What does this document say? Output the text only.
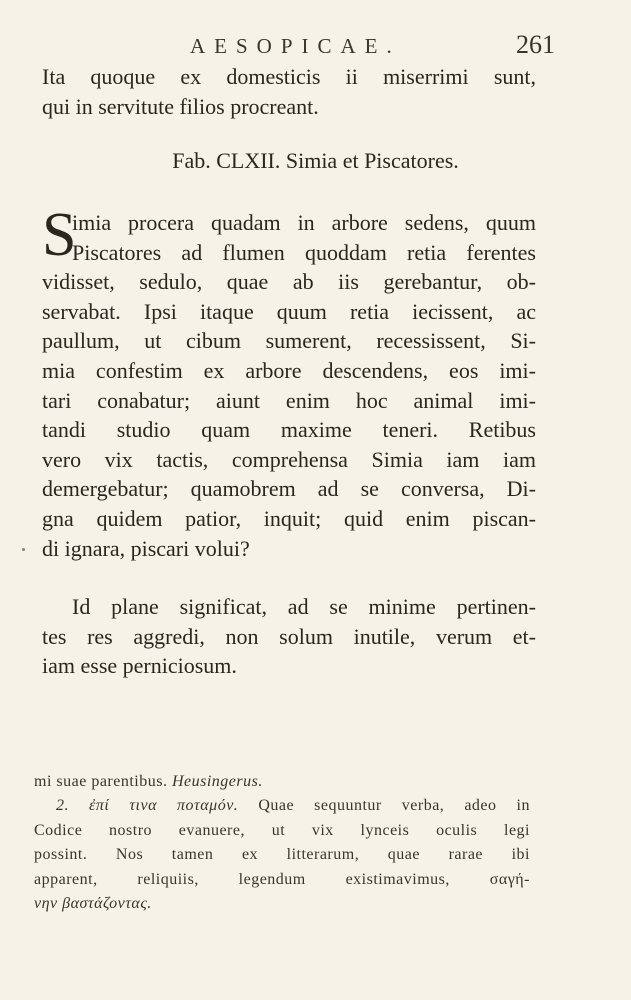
AESOPICAE.	261
Ita quoque ex domesticis ii miserrimi sunt,
qui in servitute filios procreant.
Fab. CLXII. Simia et Piscatores.
S
imia procera quadam in arbore sedens, quum
Piscatores ad flumen quoddam retia ferentes
vidisset, sedulo, quae ab iis gerebantur, ob-
servabat. Ipsi itaque quum retia iecissent, ac
paullum, ut cibum sumerent, recessissent, Si-
mia confestim ex arbore descendens, eos imi-
tari conabatur; aiunt enim hoc animal imi-
tandi studio quam maxime teneri. Retibus
vero vix tactis, comprehensa Simia iam iam
demergebatur; quamobrem ad se conversa, Di-
gna quidem patior, inquit; quid enim piscan-
di ignara, piscari volui?
Id plane significat, ad se minime pertinen-
tes res aggredi, non solum inutile, verum et-
iam esse perniciosum.
mi suae parentibus. Heusingerus.
2. ἐπί τινα ποταμόν. Quae sequuntur verba, adeo in
Codice nostro evanuere, ut vix lynceis oculis legi
possint. Nos tamen ex litterarum, quae rarae ibi
apparent, reliquiis, legendum existimavimus, σαγή-
νην βαστάζοντας.
